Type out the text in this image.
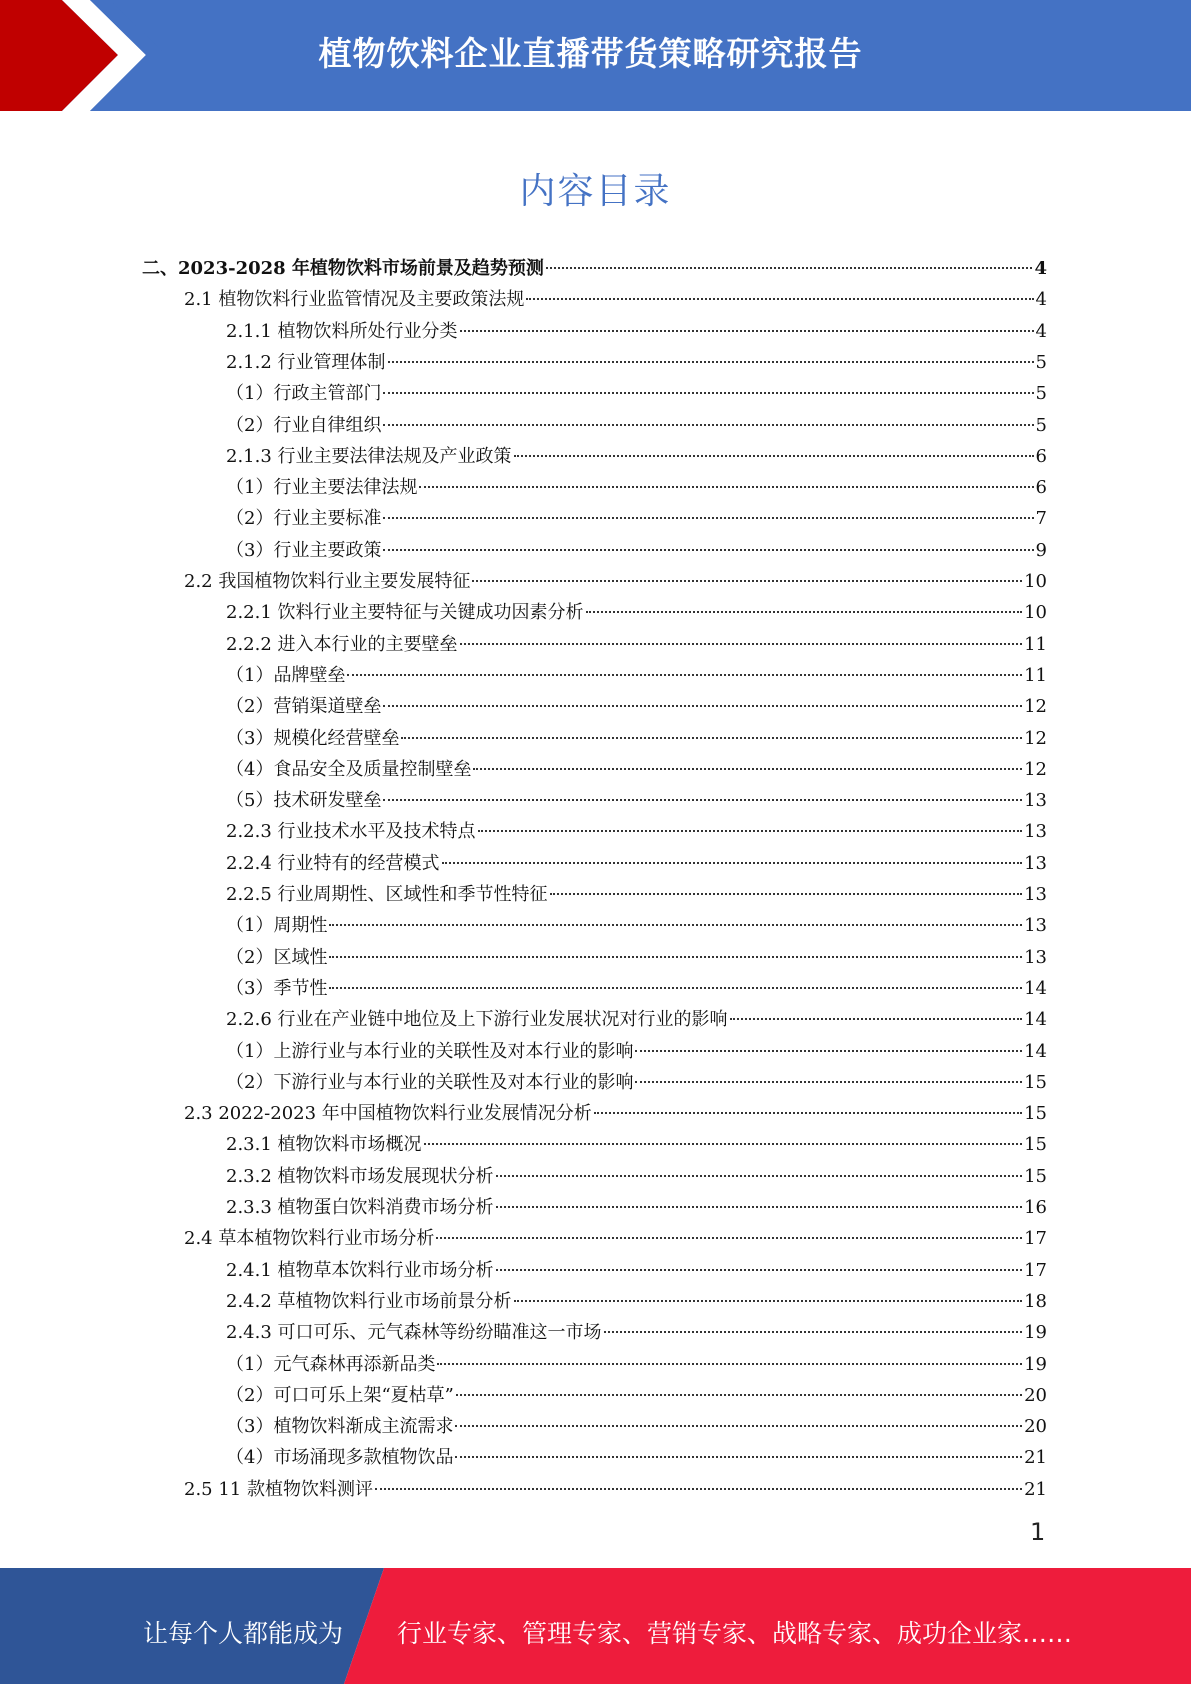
植物饮料企业直播带货策略研究报告
内容目录
二、2023-2028 年植物饮料市场前景及趋势预测	4
2.1 植物饮料行业监管情况及主要政策法规	4
2.1.1 植物饮料所处行业分类	4
2.1.2 行业管理体制	5
（1）行政主管部门	5
（2）行业自律组织	5
2.1.3 行业主要法律法规及产业政策	6
（1）行业主要法律法规	6
（2）行业主要标准	7
（3）行业主要政策	9
2.2 我国植物饮料行业主要发展特征	10
2.2.1 饮料行业主要特征与关键成功因素分析	10
2.2.2 进入本行业的主要壁垒	11
（1）品牌壁垒	11
（2）营销渠道壁垒	12
（3）规模化经营壁垒	12
（4）食品安全及质量控制壁垒	12
（5）技术研发壁垒	13
2.2.3 行业技术水平及技术特点	13
2.2.4 行业特有的经营模式	13
2.2.5 行业周期性、区域性和季节性特征	13
（1）周期性	13
（2）区域性	13
（3）季节性	14
2.2.6 行业在产业链中地位及上下游行业发展状况对行业的影响	14
（1）上游行业与本行业的关联性及对本行业的影响	14
（2）下游行业与本行业的关联性及对本行业的影响	15
2.3 2022-2023 年中国植物饮料行业发展情况分析	15
2.3.1 植物饮料市场概况	15
2.3.2 植物饮料市场发展现状分析	15
2.3.3 植物蛋白饮料消费市场分析	16
2.4 草本植物饮料行业市场分析	17
2.4.1 植物草本饮料行业市场分析	17
2.4.2 草植物饮料行业市场前景分析	18
2.4.3 可口可乐、元气森林等纷纷瞄准这一市场	19
（1）元气森林再添新品类	19
（2）可口可乐上架“夏枯草”	20
（3）植物饮料渐成主流需求	20
（4）市场涌现多款植物饮品	21
2.5 11 款植物饮料测评	21
1
让每个人都能成为 行业专家、管理专家、营销专家、战略专家、成功企业家……
